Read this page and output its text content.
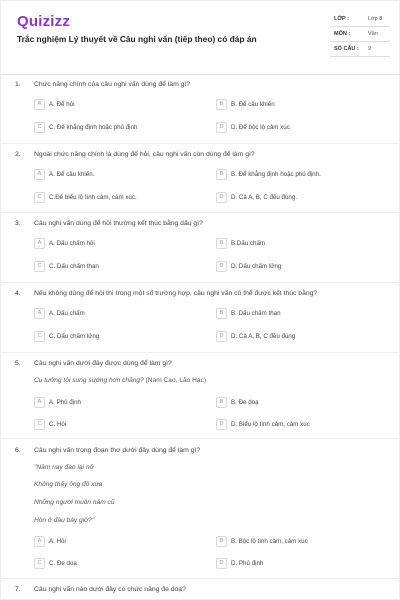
Quizizz
Trắc nghiệm Lý thuyết về Câu nghi vấn (tiếp theo) có đáp án
LỚP :	Lớp 8
MÔN :	Văn
SỐ CÂU : 9
1. Chức năng chính của câu nghi vấn dùng để làm gì?
A	A. Để hỏi	B	B. Để cầu khiến
C	C. Để khẳng định hoặc phủ định	D	D. Để bộc lộ cảm xúc
2. Ngoài chức năng chính là dùng để hỏi, câu nghi vấn còn dùng để làm gì?
A	A. Để cầu khiến.	B	B. Để khẳng định hoặc phủ định.
C	C.Để biểu lộ tình cảm, cảm xúc.	D	D. Cả A, B, C đều đúng.
3. Câu nghi vấn dùng để hỏi thường kết thúc bằng dấu gì?
A	A. Dấu chấm hỏi	B	B.Dấu chấm
C	C. Dấu chấm than	D	D. Dấu chấm lửng
4. Nếu không dùng để hỏi thì trong một số trường hợp, câu nghi vấn có thể được kết thúc bằng?
A	A. Dấu chấm	B	B. Dấu chấm than
C	C. Dấu chấm lửng	D	D. Cả A, B, C đều đúng
5. Câu nghi vấn dưới đây được dùng để làm gì?
Cụ tưởng tôi sung sướng hơn chăng? (Nam Cao, Lão Hạc)
A	A. Phủ định	B	B. Đe doạ
C	C. Hỏi	D	D. Biểu lộ tình cảm, cảm xúc
6. Câu nghi vấn trong đoạn thơ dưới đây dùng để làm gì?
"Năm nay đào lại nở
Không thấy ông đồ xưa
Những người muôn năm cũ
Hồn ở đâu bây giờ?"
A	A. Hỏi	B	B. Bộc lộ tình cảm, cảm xúc
C	C. Đe doạ	D	D. Phủ định
7. Câu nghi vấn nào dưới đây có chức năng đe doạ?
